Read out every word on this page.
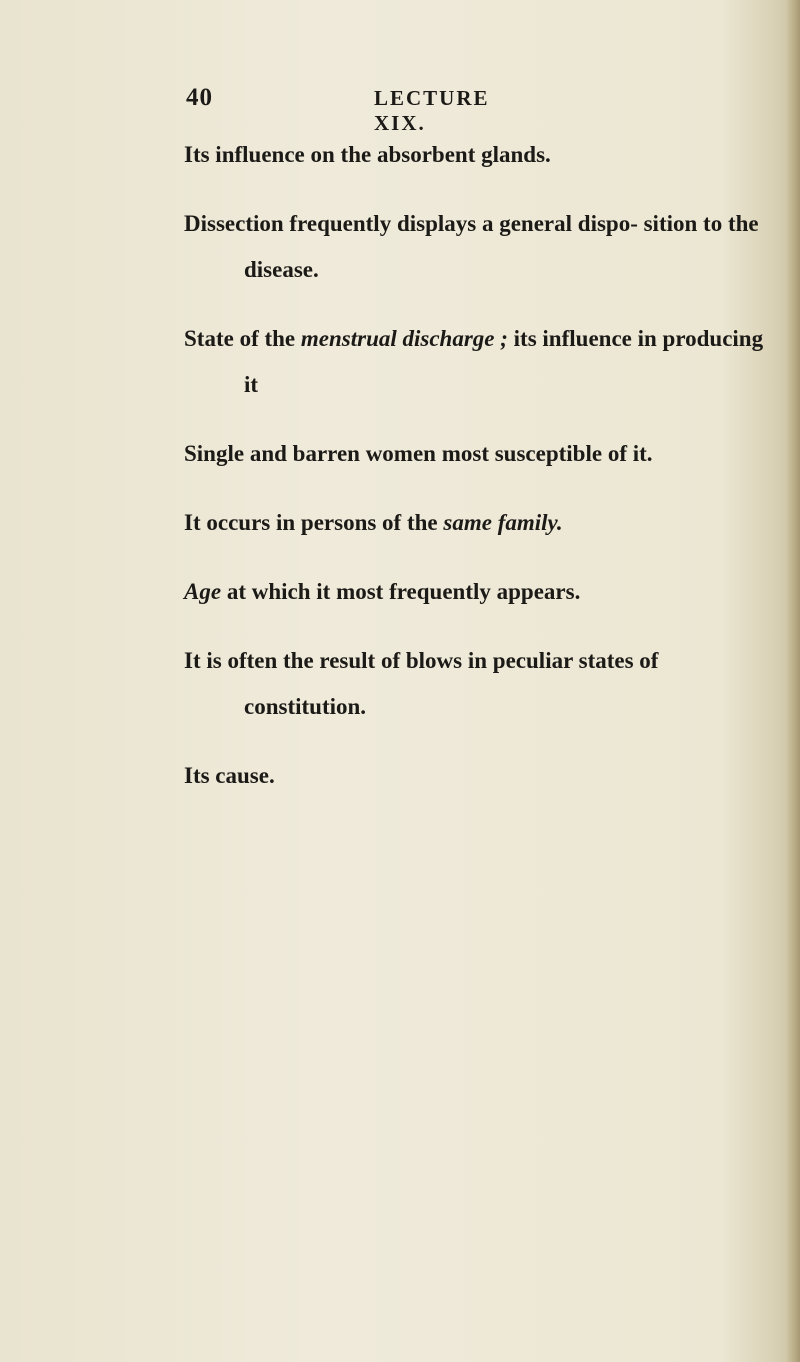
40	LECTURE XIX.

Its influence on the absorbent glands.

Dissection frequently displays a general dispo- sition to the disease.

State of the menstrual discharge ; its influence in producing it

Single and barren women most susceptible of it.

It occurs in persons of the same family.

Age at which it most frequently appears.

It is often the result of blows in peculiar states of constitution.

Its cause.
